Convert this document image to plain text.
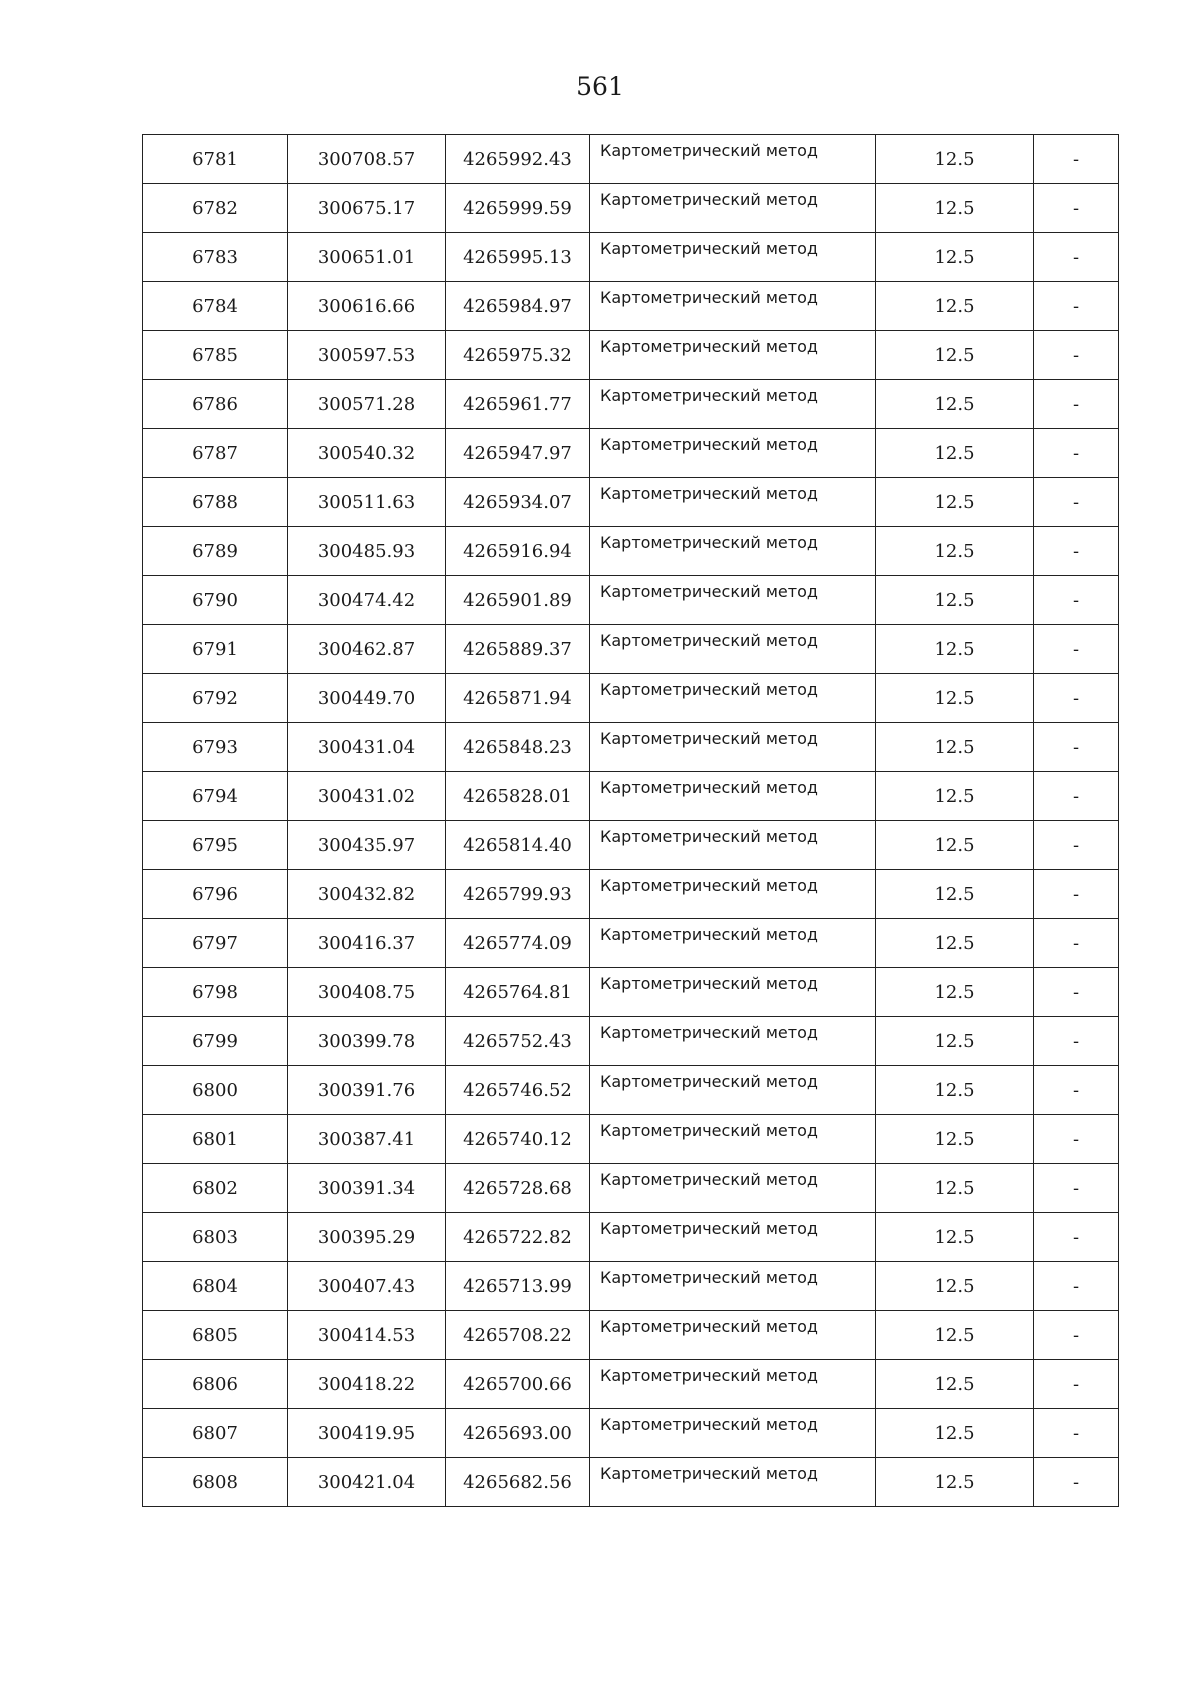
561
6781	300708.57	4265992.43	Картометрический метод	12.5	-
6782	300675.17	4265999.59	Картометрический метод	12.5	-
6783	300651.01	4265995.13	Картометрический метод	12.5	-
6784	300616.66	4265984.97	Картометрический метод	12.5	-
6785	300597.53	4265975.32	Картометрический метод	12.5	-
6786	300571.28	4265961.77	Картометрический метод	12.5	-
6787	300540.32	4265947.97	Картометрический метод	12.5	-
6788	300511.63	4265934.07	Картометрический метод	12.5	-
6789	300485.93	4265916.94	Картометрический метод	12.5	-
6790	300474.42	4265901.89	Картометрический метод	12.5	-
6791	300462.87	4265889.37	Картометрический метод	12.5	-
6792	300449.70	4265871.94	Картометрический метод	12.5	-
6793	300431.04	4265848.23	Картометрический метод	12.5	-
6794	300431.02	4265828.01	Картометрический метод	12.5	-
6795	300435.97	4265814.40	Картометрический метод	12.5	-
6796	300432.82	4265799.93	Картометрический метод	12.5	-
6797	300416.37	4265774.09	Картометрический метод	12.5	-
6798	300408.75	4265764.81	Картометрический метод	12.5	-
6799	300399.78	4265752.43	Картометрический метод	12.5	-
6800	300391.76	4265746.52	Картометрический метод	12.5	-
6801	300387.41	4265740.12	Картометрический метод	12.5	-
6802	300391.34	4265728.68	Картометрический метод	12.5	-
6803	300395.29	4265722.82	Картометрический метод	12.5	-
6804	300407.43	4265713.99	Картометрический метод	12.5	-
6805	300414.53	4265708.22	Картометрический метод	12.5	-
6806	300418.22	4265700.66	Картометрический метод	12.5	-
6807	300419.95	4265693.00	Картометрический метод	12.5	-
6808	300421.04	4265682.56	Картометрический метод	12.5	-
